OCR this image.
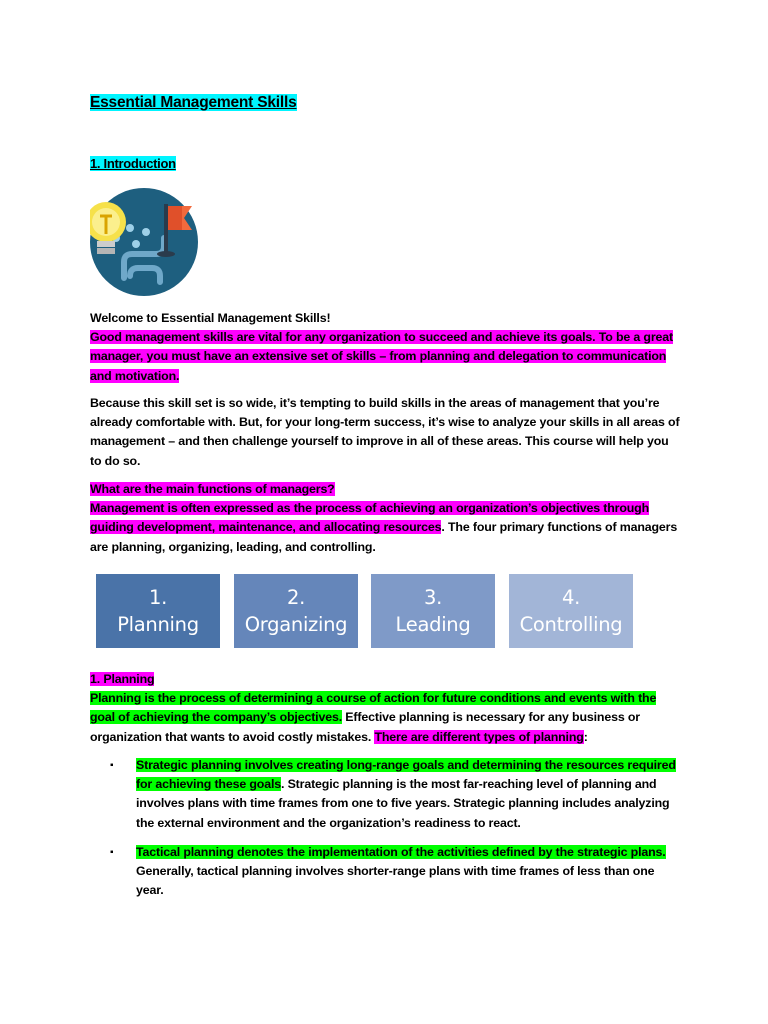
Essential Management Skills
1. Introduction

Welcome to Essential Management Skills!

Good management skills are vital for any organization to succeed and achieve its goals. To be a great manager, you must have an extensive set of skills – from planning and delegation to communication and motivation.

Because this skill set is so wide, it’s tempting to build skills in the areas of management that you’re already comfortable with. But, for your long-term success, it’s wise to analyze your skills in all areas of management – and then challenge yourself to improve in all of these areas. This course will help you to do so.

What are the main functions of managers?

Management is often expressed as the process of achieving an organization’s objectives through guiding development, maintenance, and allocating resources. The four primary functions of managers are planning, organizing, leading, and controlling.

1.
Planning
2.
Organizing
3.
Leading
4.
Controlling

1. Planning

Planning is the process of determining a course of action for future conditions and events with the goal of achieving the company’s objectives. Effective planning is necessary for any business or organization that wants to avoid costly mistakes. There are different types of planning:

▪ Strategic planning involves creating long-range goals and determining the resources required for achieving these goals. Strategic planning is the most far-reaching level of planning and involves plans with time frames from one to five years. Strategic planning includes analyzing the external environment and the organization’s readiness to react.
▪ Tactical planning denotes the implementation of the activities defined by the strategic plans. Generally, tactical planning involves shorter-range plans with time frames of less than one year.
